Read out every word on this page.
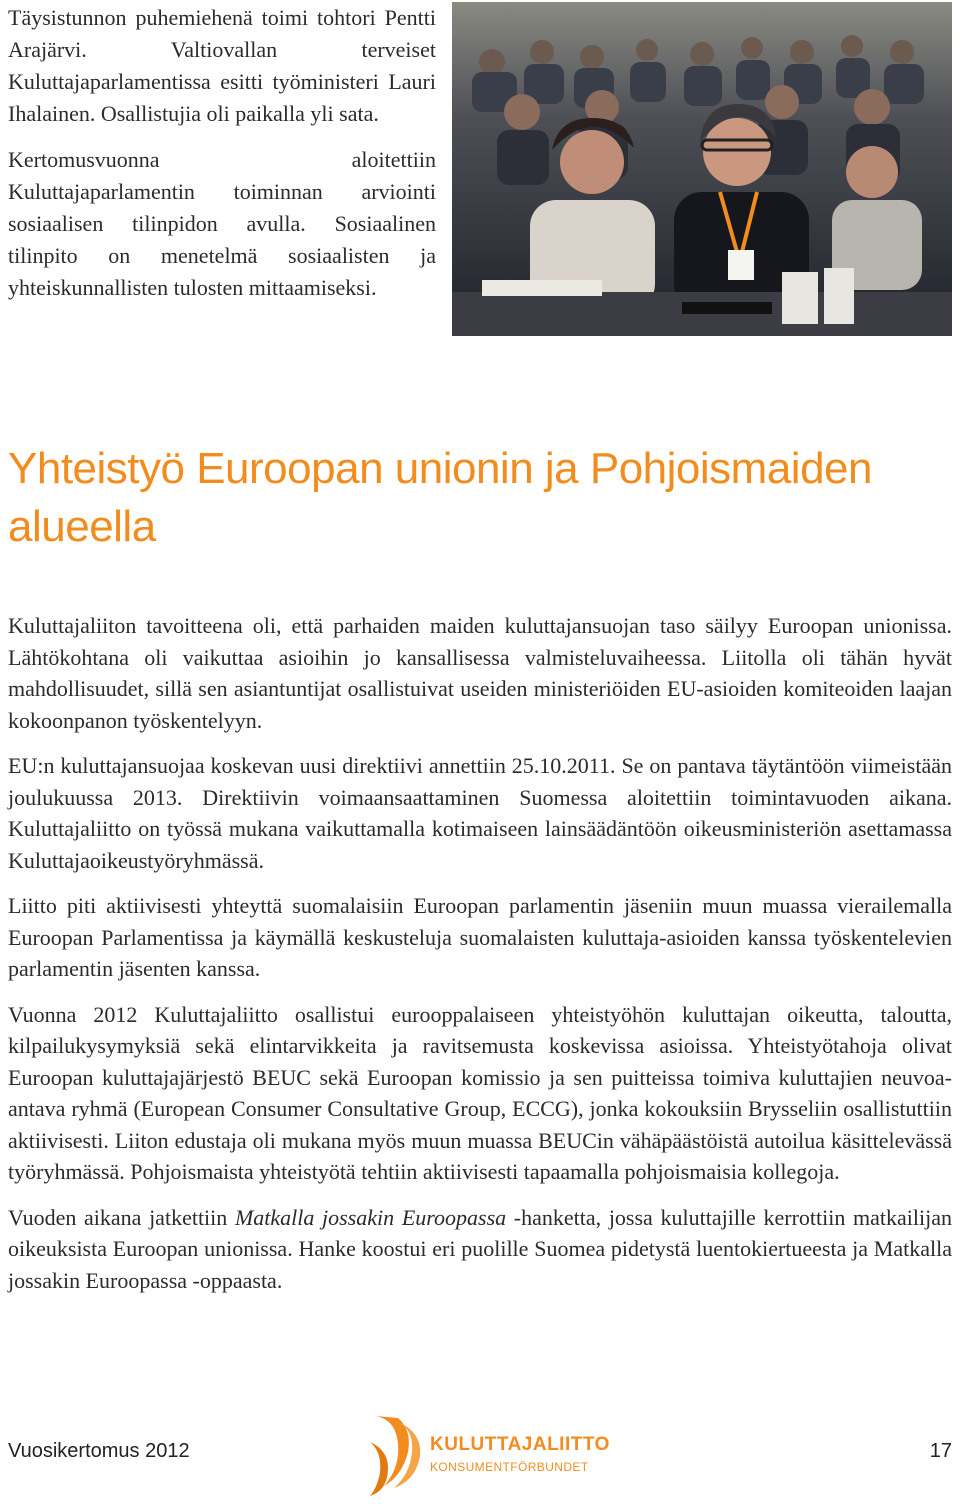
Täysistunnon puhemiehenä toimi tohtori Pentti Arajärvi. Valtiovallan terveiset Kuluttajaparlamentissa esitti työministeri Lauri Ihalainen. Osallistujia oli paikalla yli sata.

Kertomusvuonna aloitettiin Kuluttajaparlamentin toiminnan arviointi sosiaalisen tilinpidon avulla. Sosiaalinen tilinpito on menetelmä sosiaalisten ja yhteiskunnallisten tulosten mittaamiseksi.

Yhteistyö Euroopan unionin ja Pohjoismaiden alueella

Kuluttajaliiton tavoitteena oli, että parhaiden maiden kuluttajansuojan taso säilyy Euroopan unionissa. Lähtökohtana oli vaikuttaa asioihin jo kansallisessa valmisteluvaiheessa. Liitolla oli tähän hyvät mahdollisuudet, sillä sen asiantuntijat osallistuivat useiden ministeriöiden EU-asioiden komiteoiden laajan kokoonpanon työskentelyyn.

EU:n kuluttajansuojaa koskevan uusi direktiivi annettiin 25.10.2011. Se on pantava täytäntöön viimeistään joulukuussa 2013. Direktiivin voimaansaattaminen Suomessa aloitettiin toimintavuoden aikana. Kuluttajaliitto on työssä mukana vaikuttamalla kotimaiseen lainsäädäntöön oikeusministeriön asettamassa Kuluttajaoikeustyöryhmässä.

Liitto piti aktiivisesti yhteyttä suomalaisiin Euroopan parlamentin jäseniin muun muassa vierailemalla Euroopan Parlamentissa ja käymällä keskusteluja suomalaisten kuluttaja-asioiden kanssa työskentelevien parlamentin jäsenten kanssa.

Vuonna 2012 Kuluttajaliitto osallistui eurooppalaiseen yhteistyöhön kuluttajan oikeutta, taloutta, kilpailukysymyksiä sekä elintarvikkeita ja ravitsemusta koskevissa asioissa. Yhteistyötahoja olivat Euroopan kuluttajajärjestö BEUC sekä Euroopan komissio ja sen puitteissa toimiva kuluttajien neuvoa-antava ryhmä (European Consumer Consultative Group, ECCG), jonka kokouksiin Brysseliin osallistuttiin aktiivisesti. Liiton edustaja oli mukana myös muun muassa BEUCin vähäpäästöistä autoilua käsittelevässä työryhmässä. Pohjoismaista yhteistyötä tehtiin aktiivisesti tapaamalla pohjoismaisia kollegoja.

Vuoden aikana jatkettiin Matkalla jossakin Euroopassa -hanketta, jossa kuluttajille kerrottiin matkailijan oikeuksista Euroopan unionissa. Hanke koostui eri puolille Suomea pidetystä luentokiertueesta ja Matkalla jossakin Euroopassa -oppaasta.

Vuosikertomus 2012	KULUTTAJALIITTO
KONSUMENTFÖRBUNDET
17
